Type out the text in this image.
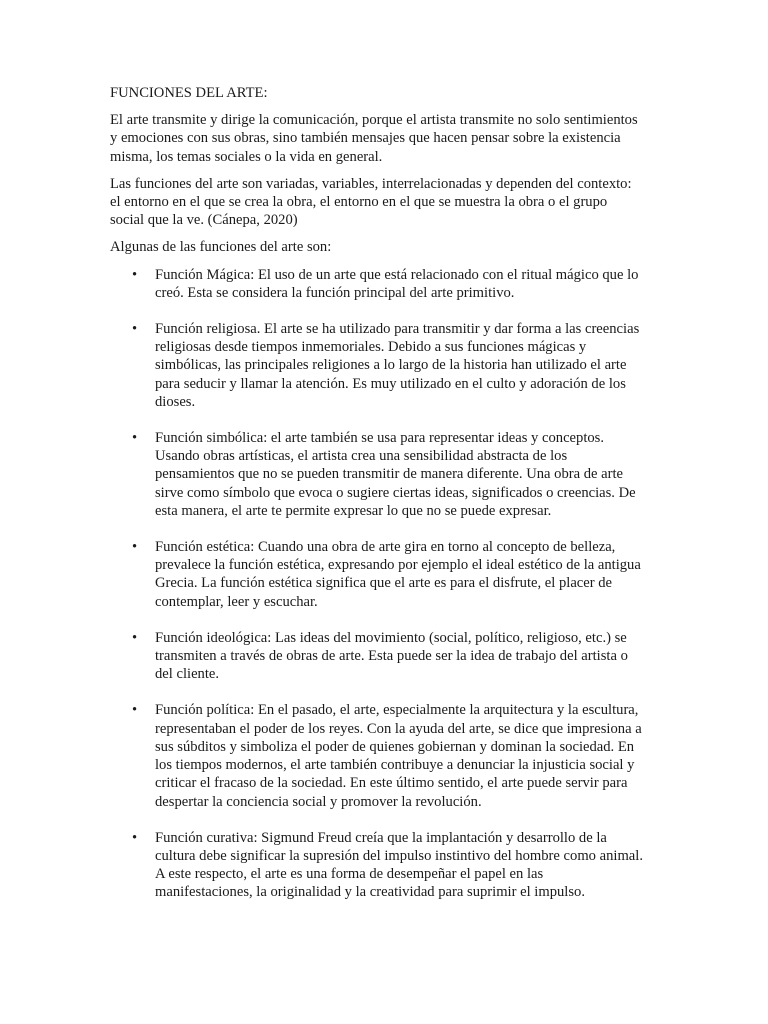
FUNCIONES DEL ARTE:

El arte transmite y dirige la comunicación, porque el artista transmite no solo sentimientos y emociones con sus obras, sino también mensajes que hacen pensar sobre la existencia misma, los temas sociales o la vida en general.

Las funciones del arte son variadas, variables, interrelacionadas y dependen del contexto: el entorno en el que se crea la obra, el entorno en el que se muestra la obra o el grupo social que la ve. (Cánepa, 2020)

Algunas de las funciones del arte son:

• Función Mágica: El uso de un arte que está relacionado con el ritual mágico que lo creó. Esta se considera la función principal del arte primitivo.
• Función religiosa. El arte se ha utilizado para transmitir y dar forma a las creencias religiosas desde tiempos inmemoriales. Debido a sus funciones mágicas y simbólicas, las principales religiones a lo largo de la historia han utilizado el arte para seducir y llamar la atención. Es muy utilizado en el culto y adoración de los dioses.
• Función simbólica: el arte también se usa para representar ideas y conceptos. Usando obras artísticas, el artista crea una sensibilidad abstracta de los pensamientos que no se pueden transmitir de manera diferente. Una obra de arte sirve como símbolo que evoca o sugiere ciertas ideas, significados o creencias. De esta manera, el arte te permite expresar lo que no se puede expresar.
• Función estética: Cuando una obra de arte gira en torno al concepto de belleza, prevalece la función estética, expresando por ejemplo el ideal estético de la antigua Grecia. La función estética significa que el arte es para el disfrute, el placer de contemplar, leer y escuchar.
• Función ideológica: Las ideas del movimiento (social, político, religioso, etc.) se transmiten a través de obras de arte. Esta puede ser la idea de trabajo del artista o del cliente.
• Función política: En el pasado, el arte, especialmente la arquitectura y la escultura, representaban el poder de los reyes. Con la ayuda del arte, se dice que impresiona a sus súbditos y simboliza el poder de quienes gobiernan y dominan la sociedad. En los tiempos modernos, el arte también contribuye a denunciar la injusticia social y criticar el fracaso de la sociedad. En este último sentido, el arte puede servir para despertar la conciencia social y promover la revolución.
• Función curativa: Sigmund Freud creía que la implantación y desarrollo de la cultura debe significar la supresión del impulso instintivo del hombre como animal. A este respecto, el arte es una forma de desempeñar el papel en las manifestaciones, la originalidad y la creatividad para suprimir el impulso.
